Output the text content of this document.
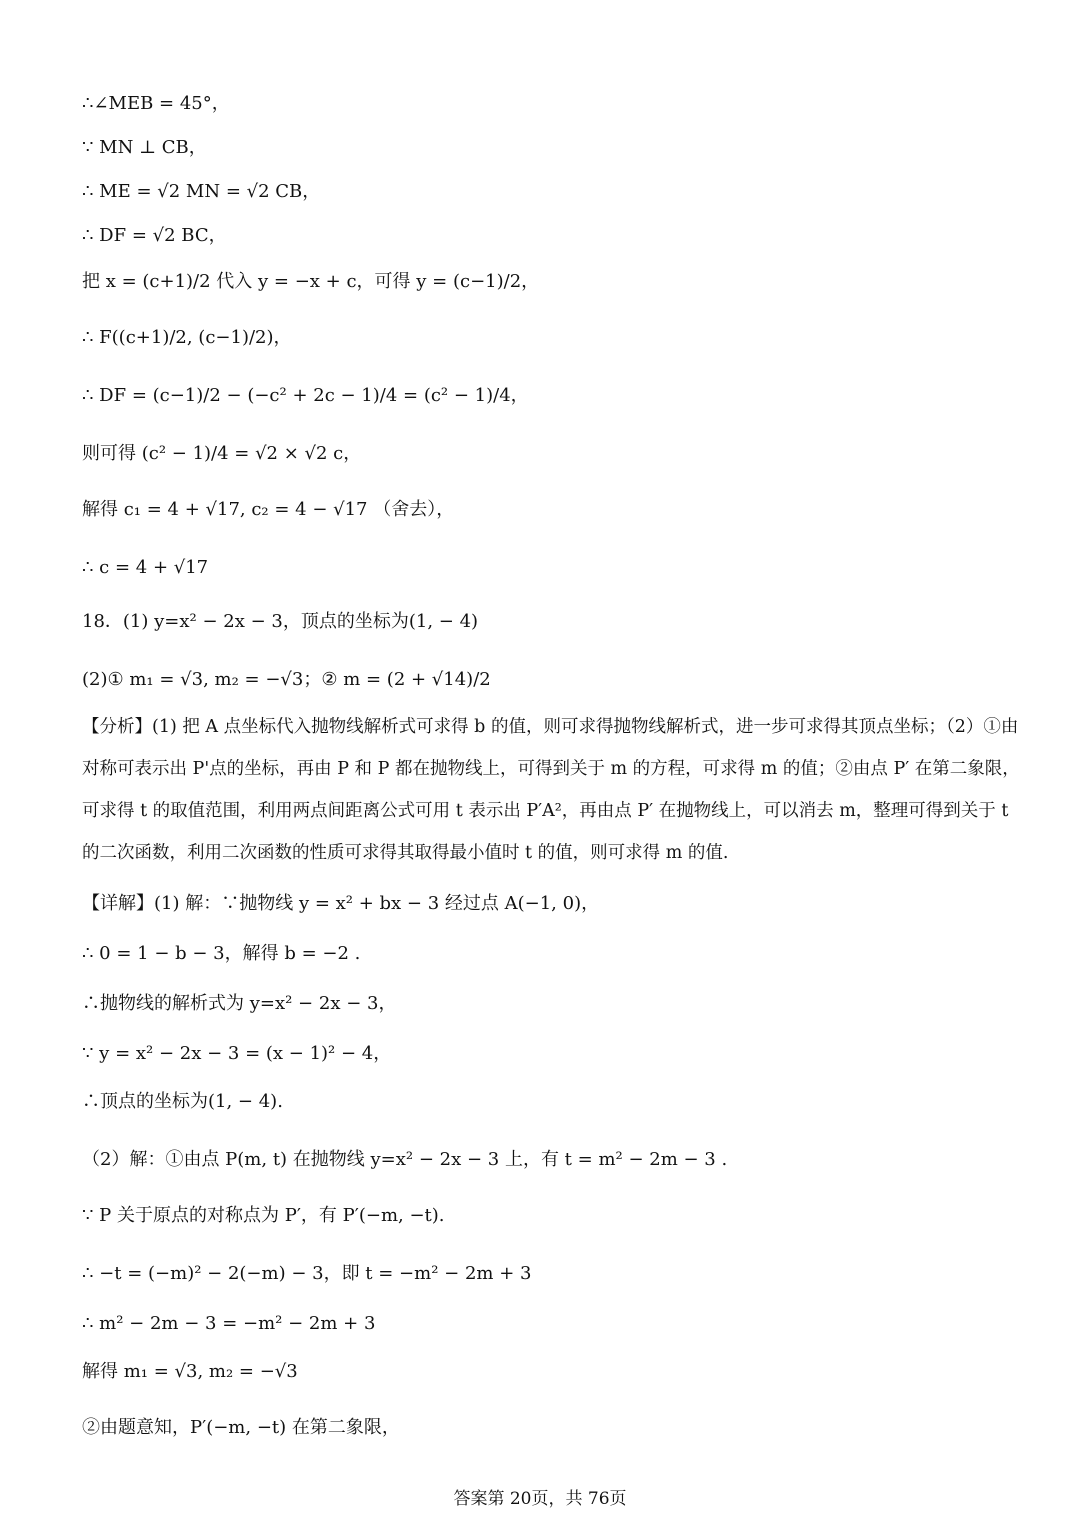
∴∠MEB = 45°，
∵ MN ⊥ CB，
∴ ME = √2 MN = √2 CB，
∴ DF = √2 BC，
把 x = (c+1)/2 代入 y = −x + c，可得 y = (c−1)/2，
∴ F((c+1)/2, (c−1)/2)，
∴ DF = (c−1)/2 − (−c² + 2c − 1)/4 = (c² − 1)/4，
则可得 (c² − 1)/4 = √2 × √2 c，
解得 c₁ = 4 + √17, c₂ = 4 − √17 （舍去），
∴ c = 4 + √17
18．(1) y=x² − 2x − 3，顶点的坐标为(1, − 4)
(2)① m₁ = √3, m₂ = −√3；② m = (2 + √14)/2
【分析】(1) 把 A 点坐标代入抛物线解析式可求得 b 的值，则可求得抛物线解析式，进一步可求得其顶点坐标；（2）①由对称可表示出 P'点的坐标，再由 P 和 P 都在抛物线上，可得到关于 m 的方程，可求得 m 的值；②由点 P′ 在第二象限，可求得 t 的取值范围，利用两点间距离公式可用 t 表示出 P′A²，再由点 P′ 在抛物线上，可以消去 m，整理可得到关于 t 的二次函数，利用二次函数的性质可求得其取得最小值时 t 的值，则可求得 m 的值.
【详解】(1) 解：∵抛物线 y = x² + bx − 3 经过点 A(−1, 0)，
∴ 0 = 1 − b − 3，解得 b = −2 .
∴抛物线的解析式为 y=x² − 2x − 3，
∵ y = x² − 2x − 3 = (x − 1)² − 4，
∴顶点的坐标为(1, − 4).
（2）解：①由点 P(m, t) 在抛物线 y=x² − 2x − 3 上，有 t = m² − 2m − 3 .
∵ P 关于原点的对称点为 P′，有 P′(−m, −t).
∴ −t = (−m)² − 2(−m) − 3，即 t = −m² − 2m + 3
∴ m² − 2m − 3 = −m² − 2m + 3
解得 m₁ = √3, m₂ = −√3
②由题意知，P′(−m, −t) 在第二象限，
答案第 20页，共 76页
